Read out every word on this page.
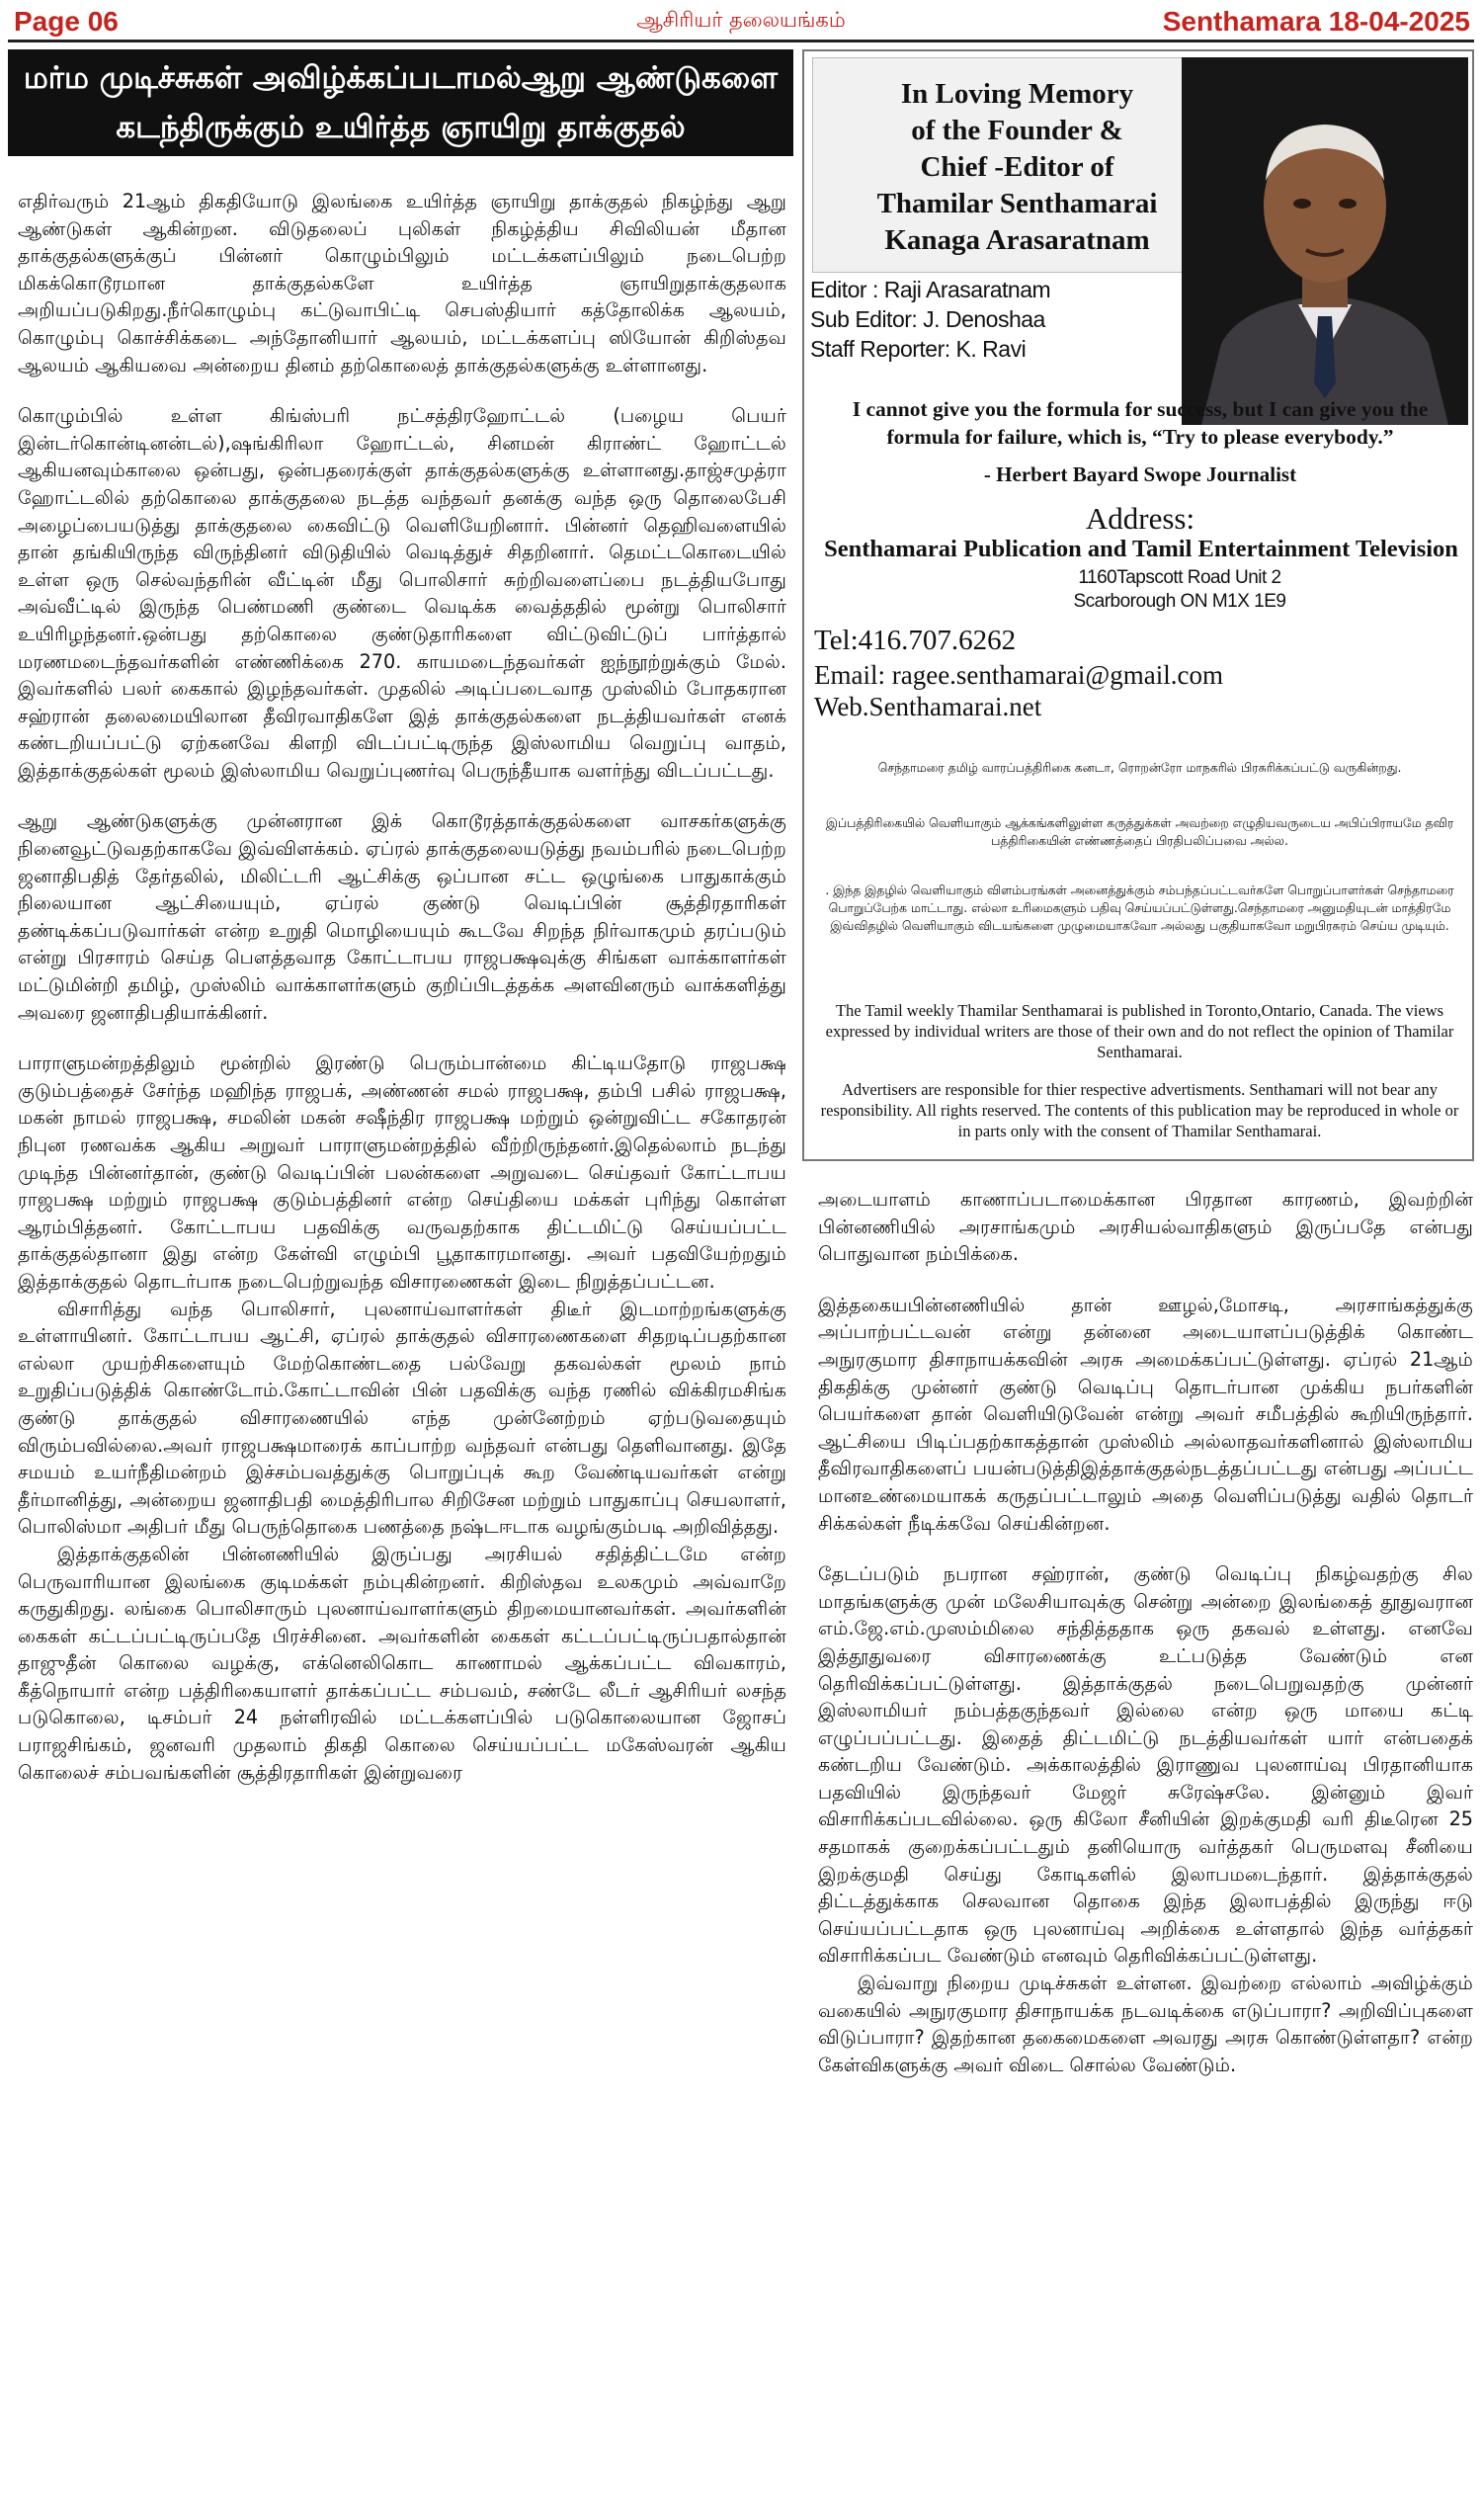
Page 06	ஆசிரியர் தலையங்கம்	Senthamara 18-04-2025
மர்ம முடிச்சுகள் அவிழ்க்கப்படாமல்ஆறு ஆண்டுகளை
கடந்திருக்கும் உயிர்த்த ஞாயிறு தாக்குதல்

எதிர்வரும் 21ஆம் திகதியோடு இலங்கை உயிர்த்த ஞாயிறு தாக்குதல் நிகழ்ந்து ஆறு ஆண்டுகள் ஆகின்றன. விடுதலைப் புலிகள் நிகழ்த்திய சிவிலியன் மீதான தாக்குதல்களுக்குப் பின்னர் கொழும்பிலும் மட்டக்களப்பிலும் நடைபெற்ற மிகக்கொடூரமான தாக்குதல்களே உயிர்த்த ஞாயிறுதாக்குதலாக அறியப்படுகிறது.நீர்கொழும்பு கட்டுவாபிட்டி செபஸ்தியார் கத்தோலிக்க ஆலயம், கொழும்பு கொச்சிக்கடை அந்தோனியார் ஆலயம், மட்டக்களப்பு ஸியோன் கிறிஸ்தவ ஆலயம் ஆகியவை அன்றைய தினம் தற்கொலைத் தாக்குதல்களுக்கு உள்ளானது.

கொழும்பில் உள்ள கிங்ஸ்பரி நட்சத்திரஹோட்டல் (பழைய பெயர் இன்டர்கொன்டினன்டல்),ஷங்கிரிலா ஹோட்டல், சினமன் கிராண்ட் ஹோட்டல் ஆகியனவும்காலை ஒன்பது, ஒன்பதரைக்குள் தாக்குதல்களுக்கு உள்ளானது.தாஜ்சமுத்ரா ஹோட்டலில் தற்கொலை தாக்குதலை நடத்த வந்தவர் தனக்கு வந்த ஒரு தொலைபேசி அழைப்பையடுத்து தாக்குதலை கைவிட்டு வெளியேறினார். பின்னர் தெஹிவளையில் தான் தங்கியிருந்த விருந்தினர் விடுதியில் வெடித்துச் சிதறினார். தெமட்டகொடையில் உள்ள ஒரு செல்வந்தரின் வீட்டின் மீது பொலிசார் சுற்றிவளைப்பை நடத்தியபோது அவ்வீட்டில் இருந்த பெண்மணி குண்டை வெடிக்க வைத்ததில் மூன்று பொலிசார் உயிரிழந்தனர்.ஒன்பது தற்கொலை குண்டுதாரிகளை விட்டுவிட்டுப் பார்த்தால் மரணமடைந்தவர்களின் எண்ணிக்கை 270. காயமடைந்தவர்கள் ஐந்நூற்றுக்கும் மேல். இவர்களில் பலர் கைகால் இழந்தவர்கள். முதலில் அடிப்படைவாத முஸ்லிம் போதகரான சஹ்ரான் தலைமையிலான தீவிரவாதிகளே இத் தாக்குதல்களை நடத்தியவர்கள் எனக் கண்டறியப்பட்டு ஏற்கனவே கிளறி விடப்பட்டிருந்த இஸ்லாமிய வெறுப்பு வாதம், இத்தாக்குதல்கள் மூலம் இஸ்லாமிய வெறுப்புணர்வு பெருந்தீயாக வளர்ந்து விடப்பட்டது.

ஆறு ஆண்டுகளுக்கு முன்னரான இக் கொடூரத்தாக்குதல்களை வாசகர்களுக்கு நினைவூட்டுவதற்காகவே இவ்விளக்கம். ஏப்ரல் தாக்குதலையடுத்து நவம்பரில் நடைபெற்ற ஜனாதிபதித் தேர்தலில், மிலிட்டரி ஆட்சிக்கு ஒப்பான சட்ட ஒழுங்கை பாதுகாக்கும் நிலையான ஆட்சியையும், ஏப்ரல் குண்டு வெடிப்பின் சூத்திரதாரிகள் தண்டிக்கப்படுவார்கள் என்ற உறுதி மொழியையும் கூடவே சிறந்த நிர்வாகமும் தரப்படும் என்று பிரசாரம் செய்த பௌத்தவாத கோட்டாபய ராஜபக்ஷவுக்கு சிங்கள வாக்காளர்கள் மட்டுமின்றி தமிழ், முஸ்லிம் வாக்காளர்களும் குறிப்பிடத்தக்க அளவினரும் வாக்களித்து அவரை ஜனாதிபதியாக்கினர்.

பாராளுமன்றத்திலும் மூன்றில் இரண்டு பெரும்பான்மை கிட்டியதோடு ராஜபக்ஷ குடும்பத்தைச் சேர்ந்த மஹிந்த ராஜபக், அண்ணன் சமல் ராஜபக்ஷ, தம்பி பசில் ராஜபக்ஷ, மகன் நாமல் ராஜபக்ஷ, சமலின் மகன் சஷீந்திர ராஜபக்ஷ மற்றும் ஒன்றுவிட்ட சகோதரன் நிபுன ரணவக்க ஆகிய அறுவர் பாராளுமன்றத்தில் வீற்றிருந்தனர்.இதெல்லாம் நடந்து முடிந்த பின்னர்தான், குண்டு வெடிப்பின் பலன்களை அறுவடை செய்தவர் கோட்டாபய ராஜபக்ஷ மற்றும் ராஜபக்ஷ குடும்பத்தினர் என்ற செய்தியை மக்கள் புரிந்து கொள்ள ஆரம்பித்தனர். கோட்டாபய பதவிக்கு வருவதற்காக திட்டமிட்டு செய்யப்பட்ட தாக்குதல்தானா இது என்ற கேள்வி எழும்பி பூதாகாரமானது. அவர் பதவியேற்றதும் இத்தாக்குதல் தொடர்பாக நடைபெற்றுவந்த விசாரணைகள் இடை நிறுத்தப்பட்டன.

விசாரித்து வந்த பொலிசார், புலனாய்வாளர்கள் திடீர் இடமாற்றங்களுக்கு உள்ளாயினர். கோட்டாபய ஆட்சி, ஏப்ரல் தாக்குதல் விசாரணைகளை சிதறடிப்பதற்கான எல்லா முயற்சிகளையும் மேற்கொண்டதை பல்வேறு தகவல்கள் மூலம் நாம் உறுதிப்படுத்திக் கொண்டோம்.கோட்டாவின் பின் பதவிக்கு வந்த ரணில் விக்கிரமசிங்க குண்டு தாக்குதல் விசாரணையில் எந்த முன்னேற்றம் ஏற்படுவதையும் விரும்பவில்லை.அவர் ராஜபக்ஷமாரைக் காப்பாற்ற வந்தவர் என்பது தெளிவானது. இதே சமயம் உயர்நீதிமன்றம் இச்சம்பவத்துக்கு பொறுப்புக் கூற வேண்டியவர்கள் என்று தீர்மானித்து, அன்றைய ஜனாதிபதி மைத்திரிபால சிறிசேன மற்றும் பாதுகாப்பு செயலாளர், பொலிஸ்மா அதிபர் மீது பெருந்தொகை பணத்தை நஷ்டஈடாக வழங்கும்படி அறிவித்தது.

இத்தாக்குதலின் பின்னணியில் இருப்பது அரசியல் சதித்திட்டமே என்ற பெருவாரியான இலங்கை குடிமக்கள் நம்புகின்றனர். கிறிஸ்தவ உலகமும் அவ்வாறே கருதுகிறது. லங்கை பொலிசாரும் புலனாய்வாளர்களும் திறமையானவர்கள். அவர்களின் கைகள் கட்டப்பட்டிருப்பதே பிரச்சினை. அவர்களின் கைகள் கட்டப்பட்டிருப்பதால்தான் தாஜுதீன் கொலை வழக்கு, எக்னெலிகொட காணாமல் ஆக்கப்பட்ட விவகாரம், கீத்நொயார் என்ற பத்திரிகையாளர் தாக்கப்பட்ட சம்பவம், சண்டே லீடர் ஆசிரியர் லசந்த படுகொலை, டிசம்பர் 24 நள்ளிரவில் மட்டக்களப்பில் படுகொலையான ஜோசப் பராஜசிங்கம், ஜனவரி முதலாம் திகதி கொலை செய்யப்பட்ட மகேஸ்வரன் ஆகிய கொலைச் சம்பவங்களின் சூத்திரதாரிகள் இன்றுவரை

In Loving Memory
of the Founder &
Chief -Editor of
Thamilar Senthamarai
Kanaga Arasaratnam
Editor : Raji Arasaratnam
Sub Editor: J. Denoshaa
Staff Reporter: K. Ravi
I cannot give you the formula for success, but I can give you the formula for failure, which is, “Try to please everybody.”
- Herbert Bayard Swope Journalist
Address:
Senthamarai Publication and Tamil Entertainment Television
1160Tapscott Road Unit 2
Scarborough ON M1X 1E9
Tel:416.707.6262
Email: ragee.senthamarai@gmail.com
Web.Senthamarai.net
செந்தாமரை தமிழ் வாரப்பத்திரிகை கனடா, ரொறன்ரோ மாநகரில் பிரசுரிக்கப்பட்டு வருகின்றது.
இப்பத்திரிகையில் வெளியாகும் ஆக்கங்களிலுள்ள கருத்துக்கள் அவற்றை எழுதியவருடைய அபிப்பிராயமே தவிர பத்திரிகையின் எண்ணத்தைப் பிரதிபலிப்பவை அல்ல.
. இந்த இதழில் வெளியாகும் விளம்பரங்கள் அனைத்துக்கும் சம்பந்தப்பட்டவர்களே பொறுப்பாளர்கள் செந்தாமரை பொறுப்பேற்க மாட்டாது. எல்லா உரிமைகளும் பதிவு செய்யப்பட்டுள்ளது.செந்தாமரை அனுமதியுடன் மாத்திரமே இவ்விதழில் வெளியாகும் விடயங்களை முழுமையாகவோ அல்லது பகுதியாகவோ மறுபிரசுரம் செய்ய முடியும்.
The Tamil weekly Thamilar Senthamarai is published in Toronto,Ontario, Canada. The views expressed by individual writers are those of their own and do not reflect the opinion of Thamilar Senthamarai.
Advertisers are responsible for thier respective advertisments. Senthamari will not bear any responsibility. All rights reserved. The contents of this publication may be reproduced in whole or in parts only with the consent of Thamilar Senthamarai.

அடையாளம் காணாப்படாமைக்கான பிரதான காரணம், இவற்றின் பின்னணியில் அரசாங்கமும் அரசியல்வாதிகளும் இருப்பதே என்பது பொதுவான நம்பிக்கை.

இத்தகையபின்னணியில் தான் ஊழல்,மோசடி, அரசாங்கத்துக்கு அப்பாற்பட்டவன் என்று தன்னை அடையாளப்படுத்திக் கொண்ட அநுரகுமார திசாநாயக்கவின் அரசு அமைக்கப்பட்டுள்ளது. ஏப்ரல் 21ஆம் திகதிக்கு முன்னர் குண்டு வெடிப்பு தொடர்பான முக்கிய நபர்களின் பெயர்களை தான் வெளியிடுவேன் என்று அவர் சமீபத்தில் கூறியிருந்தார். ஆட்சியை பிடிப்பதற்காகத்தான் முஸ்லிம் அல்லாதவர்களினால் இஸ்லாமிய தீவிரவாதிகளைப் பயன்படுத்திஇத்தாக்குதல்நடத்தப்பட்டது என்பது அப்பட்ட மானஉண்மையாகக் கருதப்பட்டாலும் அதை வெளிப்படுத்து வதில் தொடர் சிக்கல்கள் நீடிக்கவே செய்கின்றன.

தேடப்படும் நபரான சஹ்ரான், குண்டு வெடிப்பு நிகழ்வதற்கு சில மாதங்களுக்கு முன் மலேசியாவுக்கு சென்று அன்றை இலங்கைத் தூதுவரான எம்.ஜே.எம்.முஸம்மிலை சந்தித்ததாக ஒரு தகவல் உள்ளது. எனவே இத்தூதுவரை விசாரணைக்கு உட்படுத்த வேண்டும் என தெரிவிக்கப்பட்டுள்ளது. இத்தாக்குதல் நடைபெறுவதற்கு முன்னர் இஸ்லாமியர் நம்பத்தகுந்தவர் இல்லை என்ற ஒரு மாயை கட்டி எழுப்பப்பட்டது. இதைத் திட்டமிட்டு நடத்தியவர்கள் யார் என்பதைக் கண்டறிய வேண்டும். அக்காலத்தில் இராணுவ புலனாய்வு பிரதானியாக பதவியில் இருந்தவர் மேஜர் சுரேஷ்சலே. இன்னும் இவர் விசாரிக்கப்படவில்லை. ஒரு கிலோ சீனியின் இறக்குமதி வரி திடீரென 25 சதமாகக் குறைக்கப்பட்டதும் தனியொரு வர்த்தகர் பெருமளவு சீனியை இறக்குமதி செய்து கோடிகளில் இலாபமடைந்தார். இத்தாக்குதல் திட்டத்துக்காக செலவான தொகை இந்த இலாபத்தில் இருந்து ஈடு செய்யப்பட்டதாக ஒரு புலனாய்வு அறிக்கை உள்ளதால் இந்த வர்த்தகர் விசாரிக்கப்பட வேண்டும் எனவும் தெரிவிக்கப்பட்டுள்ளது.

இவ்வாறு நிறைய முடிச்சுகள் உள்ளன. இவற்றை எல்லாம் அவிழ்க்கும் வகையில் அநுரகுமார திசாநாயக்க நடவடிக்கை எடுப்பாரா? அறிவிப்புகளை விடுப்பாரா? இதற்கான தகைமைகளை அவரது அரசு கொண்டுள்ளதா? என்ற கேள்விகளுக்கு அவர் விடை சொல்ல வேண்டும்.
